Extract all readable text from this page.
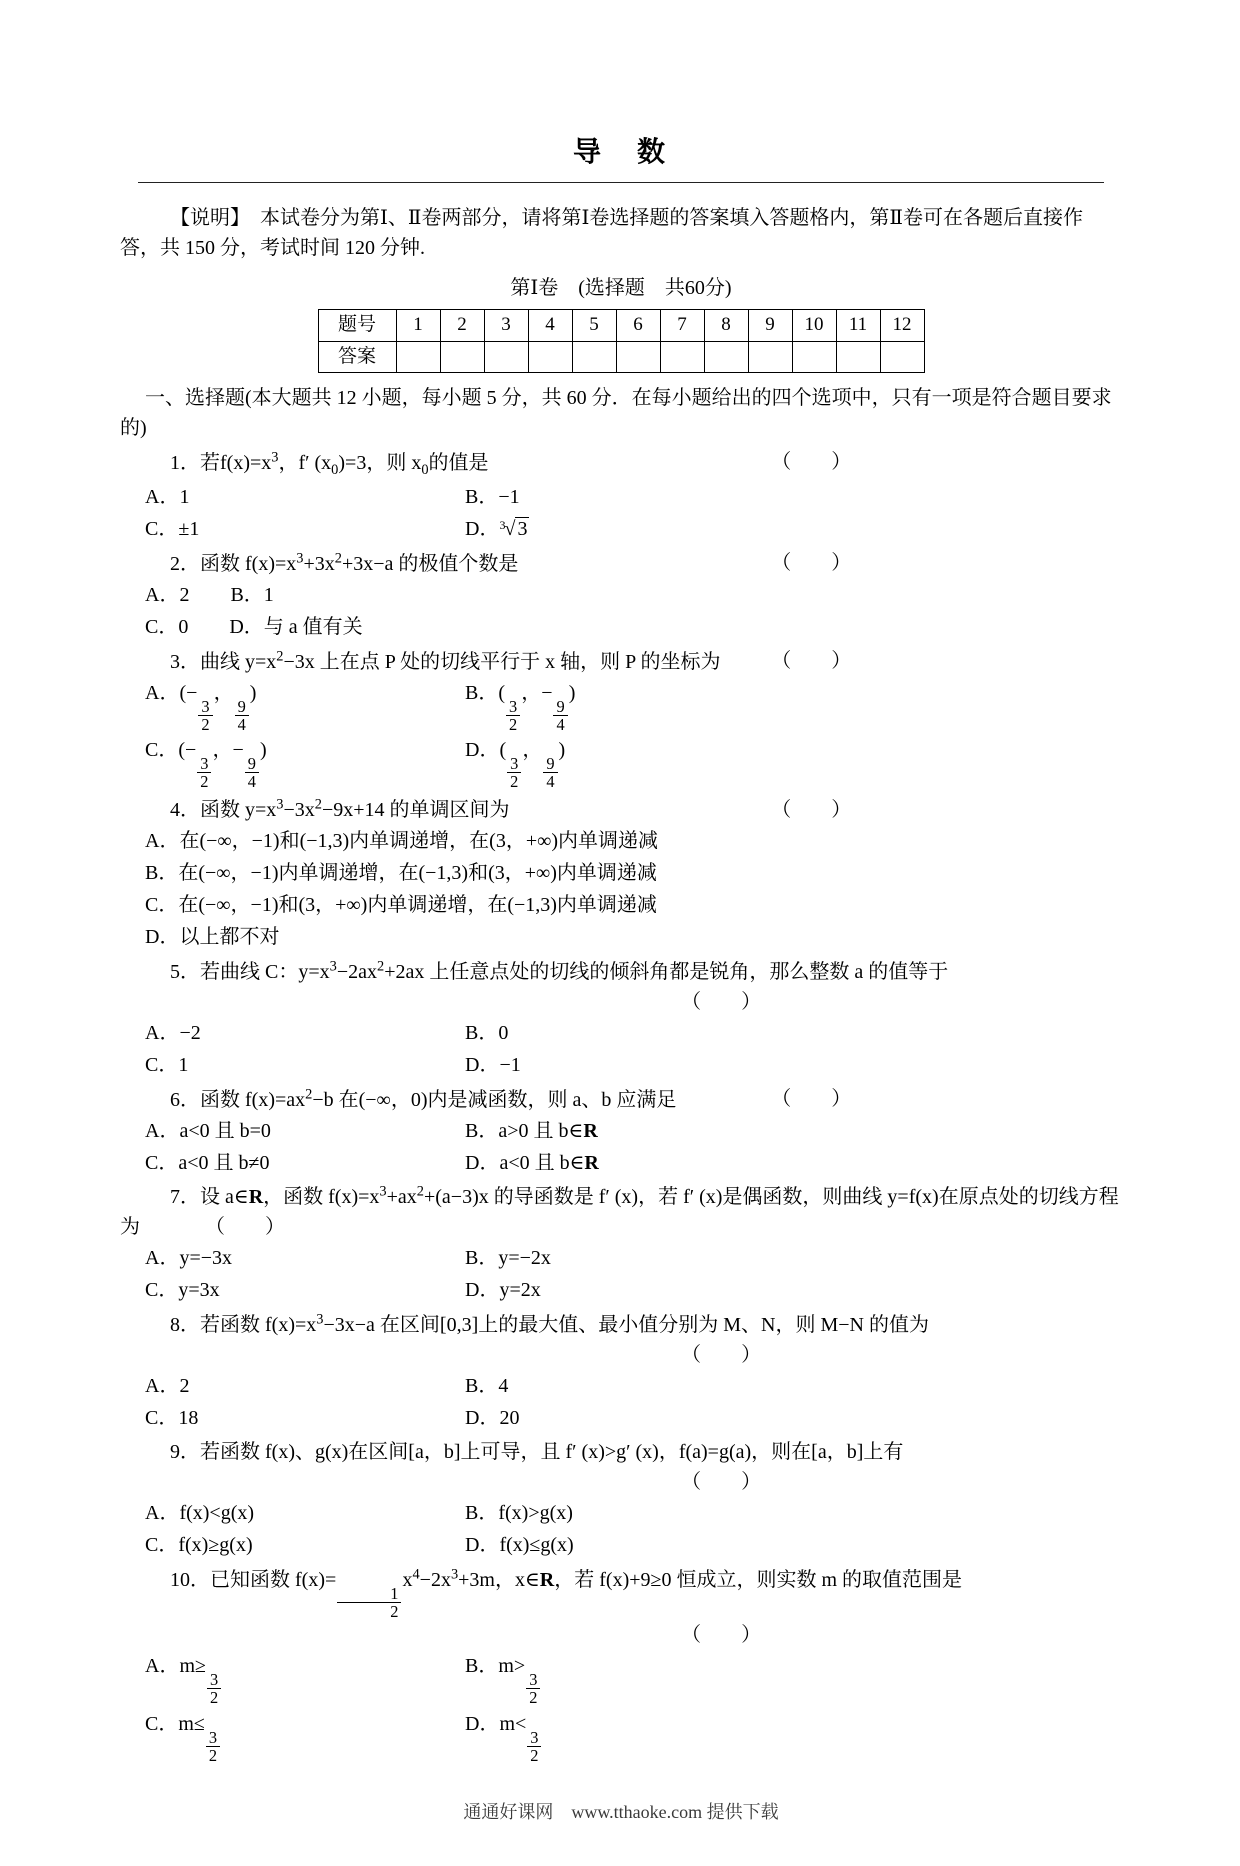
导　数

【说明】　本试卷分为第Ⅰ、Ⅱ卷两部分，请将第Ⅰ卷选择题的答案填入答题格内，第Ⅱ卷可在各题后直接作答，共 150 分，考试时间 120 分钟.

第Ⅰ卷　(选择题　共60分)
题号	1	2	3	4	5	6	7	8	9	10	11	12
答案												

一、选择题(本大题共 12 小题，每小题 5 分，共 60 分．在每小题给出的四个选项中，只有一项是符合题目要求的)

1．若$f(x)=x^3$，f′ $(x_0)=3$，则 $x_0$的值是	（　　）
A．1	B．−1
C．±1	D．$^3$√ 3
2．函数 $f(x)=x^3+3x^2+3x-a$ 的极值个数是	（　　）
A．2 B．1
C．0 D．与 a 值有关
3．曲线 $y=x^2-3x$ 上在点 P 处的切线平行于 x 轴，则 P 的坐标为	（　　）
A．(−
$\frac{3}{2}$
，
$\frac{9}{4}$
)	B．(
$\frac{3}{2}$
，−
$\frac{9}{4}$
)
C．(−
$\frac{3}{2}$
，−
$\frac{9}{4}$
)	D．(
$\frac{3}{2}$
，
$\frac{9}{4}$
)
4．函数 $y=x^3-3x^2-9x+14$ 的单调区间为	（　　）
A．在(−∞，−1)和(−1,3)内单调递增，在(3，+∞)内单调递减
B．在(−∞，−1)内单调递增，在(−1,3)和(3，+∞)内单调递减
C．在(−∞，−1)和(3，+∞)内单调递增，在(−1,3)内单调递减
D．以上都不对
5．若曲线 C：$y=x^3-2ax^2+2ax$ 上任意点处的切线的倾斜角都是锐角，那么整数 a 的值等于
（　　）
A．−2	B．0
C．1	D．−1
6．函数 $f(x)=ax^2-b$ 在(−∞，0)内是减函数，则 a、b 应满足	（　　）
A．a<0 且 b=0	B．a>0 且 b∈R
C．a<0 且 b≠0	D．a<0 且 b∈R
7．设 a∈R，函数 $f(x)=x^3+ax^2+(a-3)x$ 的导函数是 f′ (x)，若 f′ (x)是偶函数，则曲线 y=f(x)在原点处的切线方程为	（　　）
A．y=−3x	B．y=−2x
C．y=3x	D．y=2x
8．若函数 $f(x)=x^3-3x-a$ 在区间[0,3]上的最大值、最小值分别为 M、N，则 M−N 的值为
（　　）
A．2	B．4
C．18	D．20
9．若函数 f(x)、g(x)在区间[a，b]上可导，且 f′ (x)>g′ (x)，f(a)=g(a)，则在[a，b]上有
（　　）
A．f(x)<g(x)	B．f(x)>g(x)
C．f(x)≥g(x)	D．f(x)≤g(x)
10．已知函数 f(x)=
$\frac{1}{2}$
$x^4-2x^3+3m$，x∈R，若 f(x)+9≥0 恒成立，则实数 m 的取值范围是
（　　）
A．m≥
$\frac{3}{2}$
B．m>
$\frac{3}{2}$
C．m≤
$\frac{3}{2}$
D．m<
$\frac{3}{2}$
通通好课网　www.tthaoke.com 提供下载
